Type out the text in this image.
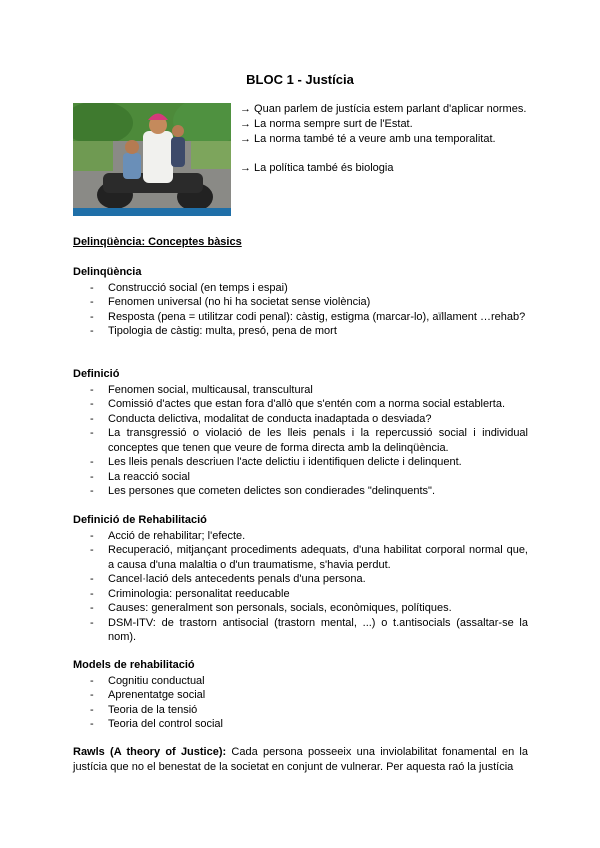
BLOC 1 - Justícia

→ Quan parlem de justícia estem parlant d'aplicar normes.

→ La norma sempre surt de l'Estat.

→ La norma també té a veure amb una temporalitat.

→ La política també és biologia

Delinqüència: Conceptes bàsics
Delinqüència
- Construcció social (en temps i espai)
- Fenomen universal (no hi ha societat sense violència)
- Resposta (pena = utilitzar codi penal): càstig, estigma (marcar-lo), aïllament …rehab?
- Tipologia de càstig: multa, presó, pena de mort
Definició
- Fenomen social, multicausal, transcultural
- Comissió d'actes que estan fora d'allò que s'entén com a norma social establerta.
- Conducta delictiva, modalitat de conducta inadaptada o desviada?
- La transgressió o violació de les lleis penals i la repercussió social i individual conceptes que tenen que veure de forma directa amb la delinqüència.
- Les lleis penals descriuen l'acte delictiu i identifiquen delicte i delinquent.
- La reacció social
- Les persones que cometen delictes son condierades "delinquents".
Definició de Rehabilitació
- Acció de rehabilitar; l'efecte.
- Recuperació, mitjançant procediments adequats, d'una habilitat corporal normal que, a causa d'una malaltia o d'un traumatisme, s'havia perdut.
- Cancel·lació dels antecedents penals d'una persona.
- Criminologia: personalitat reeducable
- Causes: generalment son personals, socials, econòmiques, polítiques.
- DSM-ITV: de trastorn antisocial (trastorn mental, ...) o t.antisocials (assaltar-se la nom).
Models de rehabilitació
- Cognitiu conductual
- Aprenentatge social
- Teoria de la tensió
- Teoria del control social
Rawls (A theory of Justice): Cada persona posseeix una inviolabilitat fonamental en la justícia que no el benestat de la societat en conjunt de vulnerar. Per aquesta raó la justícia
